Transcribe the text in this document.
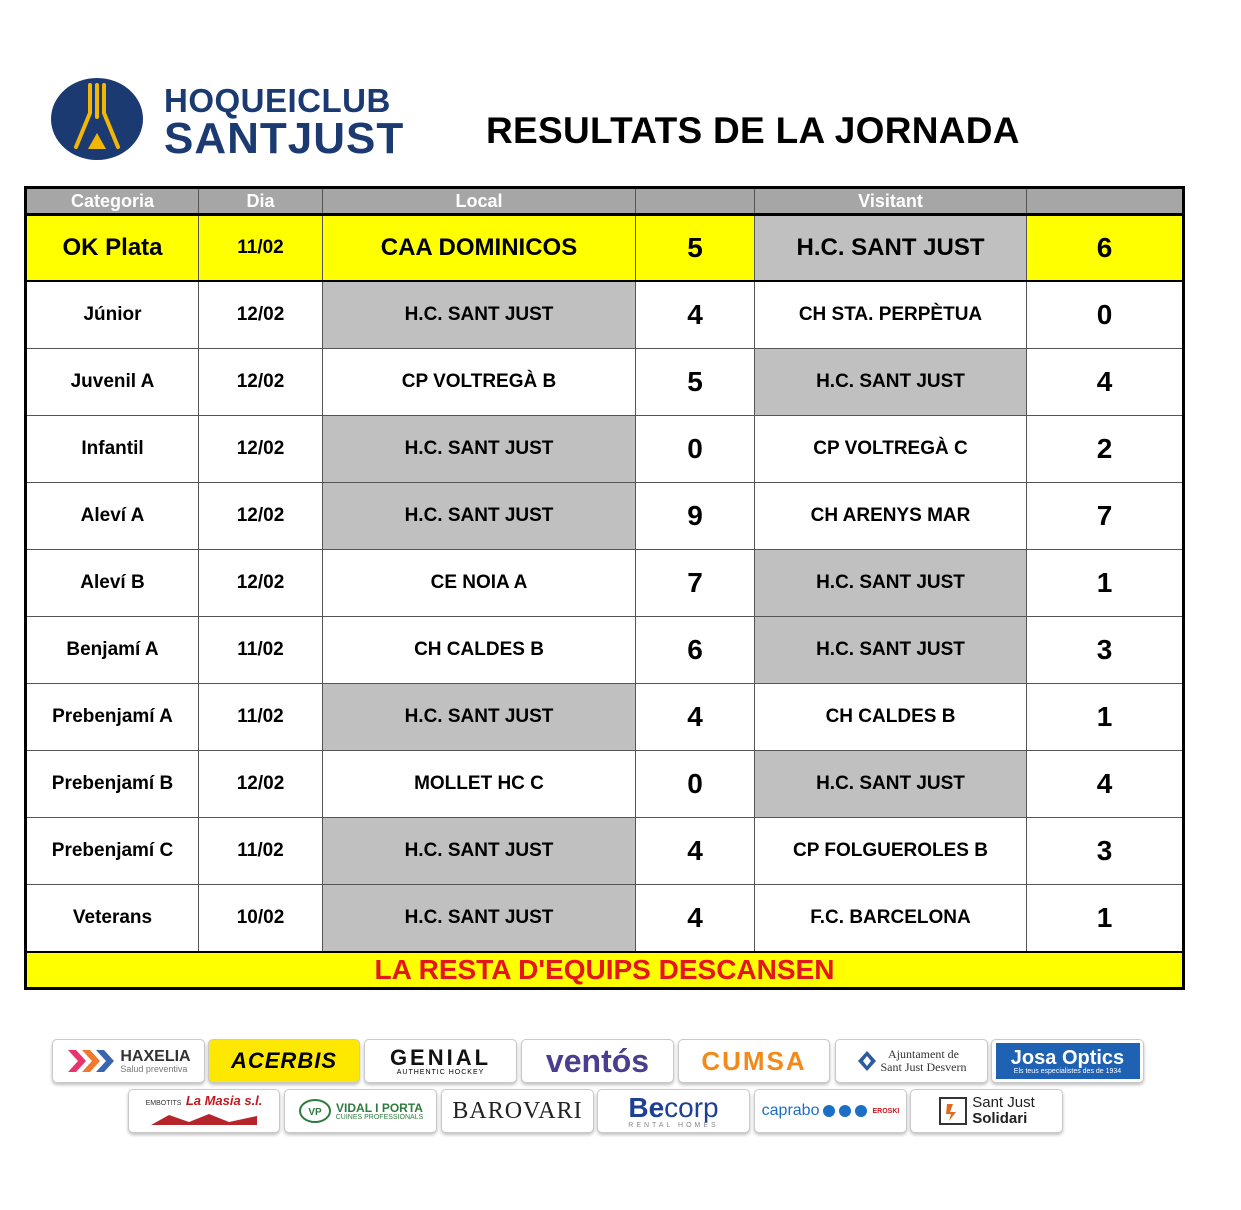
HOQUEICLUB
SANTJUST RESULTATS DE LA JORNADA
Categoria	Dia	Local		Visitant	
OK Plata	11/02	CAA DOMINICOS	5	H.C. SANT JUST	6
Júnior	12/02	H.C. SANT JUST	4	CH STA. PERPÈTUA	0
Juvenil A	12/02	CP VOLTREGÀ B	5	H.C. SANT JUST	4
Infantil	12/02	H.C. SANT JUST	0	CP VOLTREGÀ C	2
Aleví A	12/02	H.C. SANT JUST	9	CH ARENYS MAR	7
Aleví B	12/02	CE NOIA A	7	H.C. SANT JUST	1
Benjamí A	11/02	CH CALDES B	6	H.C. SANT JUST	3
Prebenjamí A	11/02	H.C. SANT JUST	4	CH CALDES B	1
Prebenjamí B	12/02	MOLLET HC C	0	H.C. SANT JUST	4
Prebenjamí C	11/02	H.C. SANT JUST	4	CP FOLGUEROLES B	3
Veterans	10/02	H.C. SANT JUST	4	F.C. BARCELONA	1
LA RESTA D'EQUIPS DESCANSEN					
HAXELIA
Salud preventiva ACERBIS GENIAL
AUTHENTIC HOCKEY ventós CUMSA	Ajuntament de
Sant Just Desvern Josa Optics
Els teus especialistes des de 1934
EMBOTITS La Masia s.l.
VP VIDAL I PORTA
CUINES PROFESSIONALS BAROVARI Becorp
RENTAL HOMES
caprabo	EROSKI	Sant Just
Solidari
